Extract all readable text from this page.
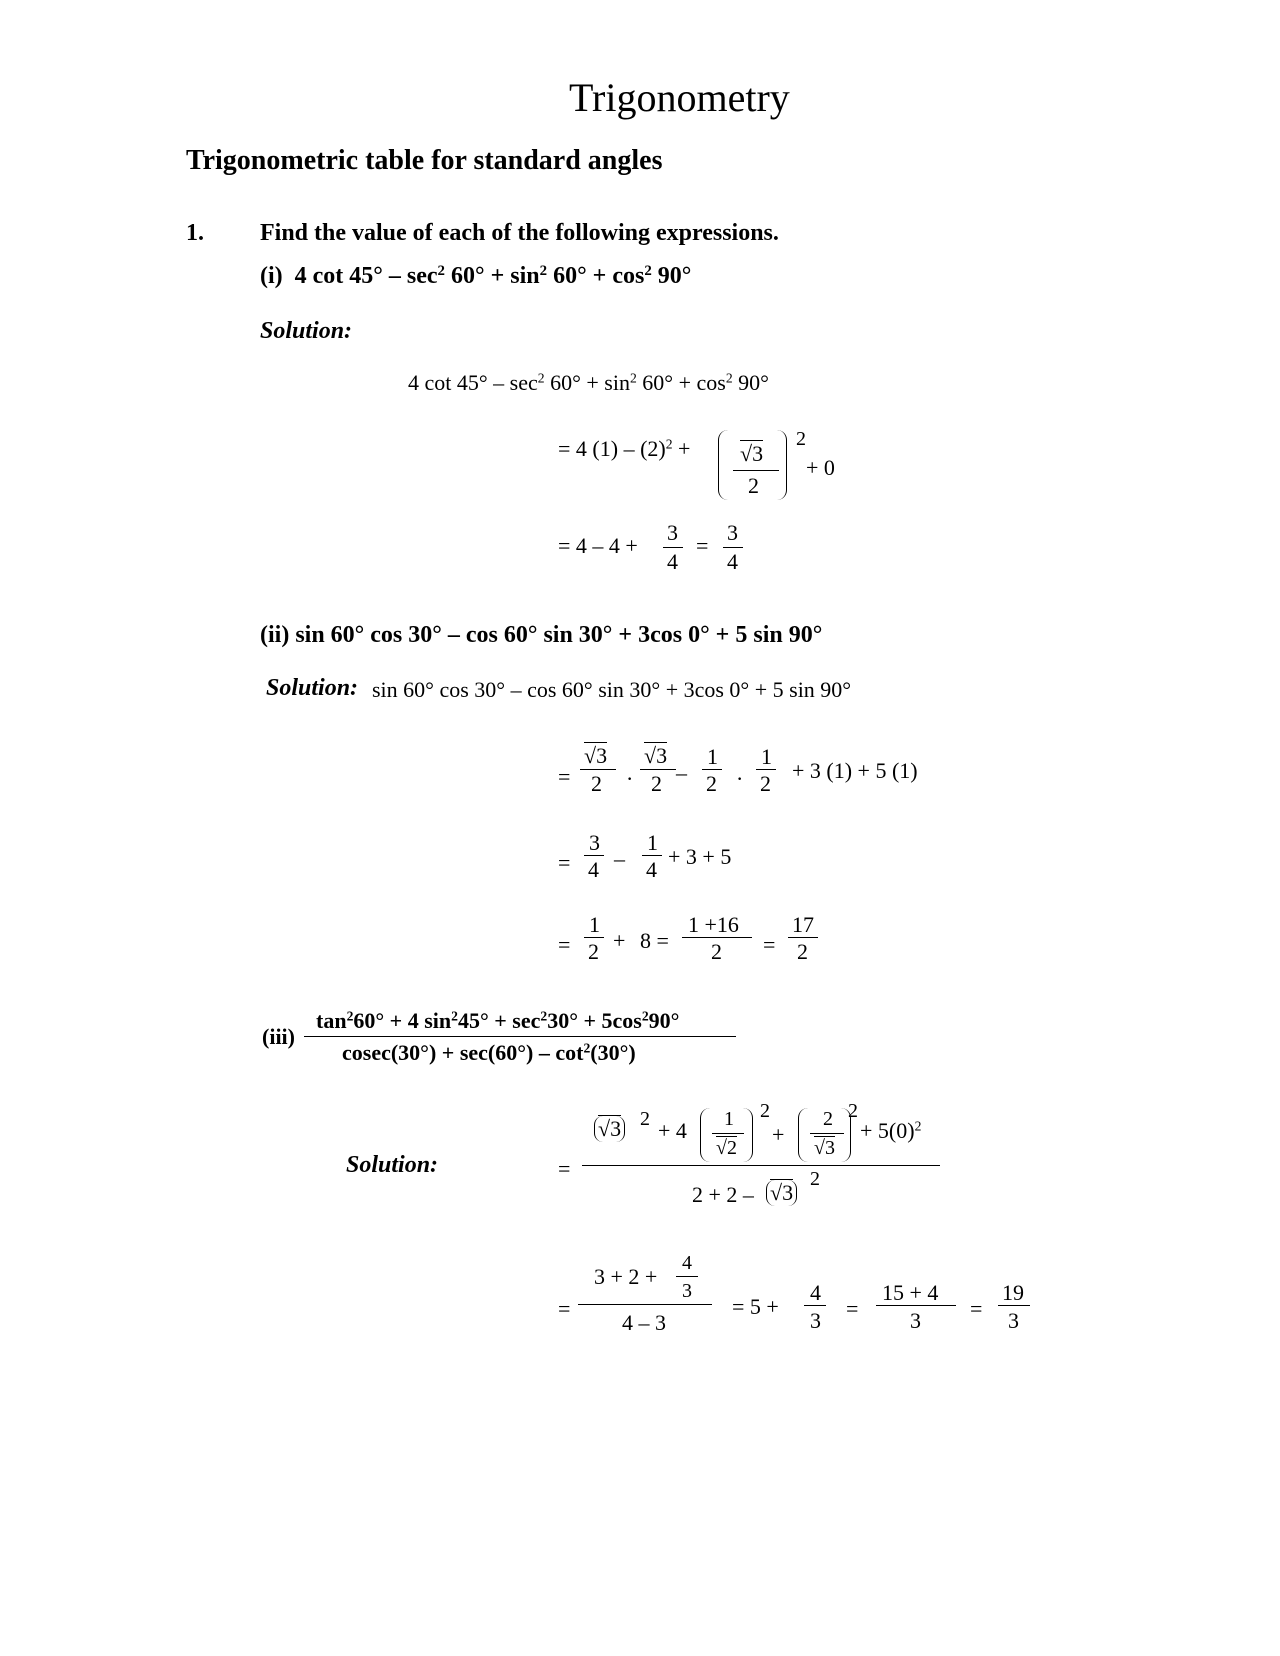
Trigonometry
Trigonometric table for standard angles
1. Find the value of each of the following expressions.
(i) 4 $\cot 45^\circ - \sec^2 60^\circ + \sin^2 60^\circ + \cos^2 90^\circ$
Solution:
4 $\cot 45^\circ - \sec^2 60^\circ + \sin^2 60^\circ + \cos^2 90^\circ$
= 4 $(1) - (2)^2 + √3$
2
2
+ 0
= 4 – 4 +
3
4
=
3
4
(ii) sin 60° cos 30° – cos 60° sin 30° + 3cos 0° + 5 sin 90°
Solution: sin 60° cos 30° – cos 60° sin 30° + 3cos 0° + 5 sin 90°
=
√3
2 ·
√3
2 –
1
2 ·
1
2
+ 3 (1) + 5 (1)
=
3
4 –
1
4
+ 3 + 5
=
1
2 + 8 =
1 +16
2 =
17
2
(iii)
$\tan^260^\circ + 4$ $\sin^245^\circ + \sec^230^\circ + 5\cos^290^\circ$
$cosec(30^\circ) + \sec(60^\circ) - \cot^2(30^\circ)$
Solution:	=
√3 2 + 4 1
√2
2
+
2
√3
2
+ $5(0)^2$
2 + 2 – √3
2
=
3 + 2 +
4
3
4 – 3
= 5 +
4
3 =
15 + 4
3 =
19
3
